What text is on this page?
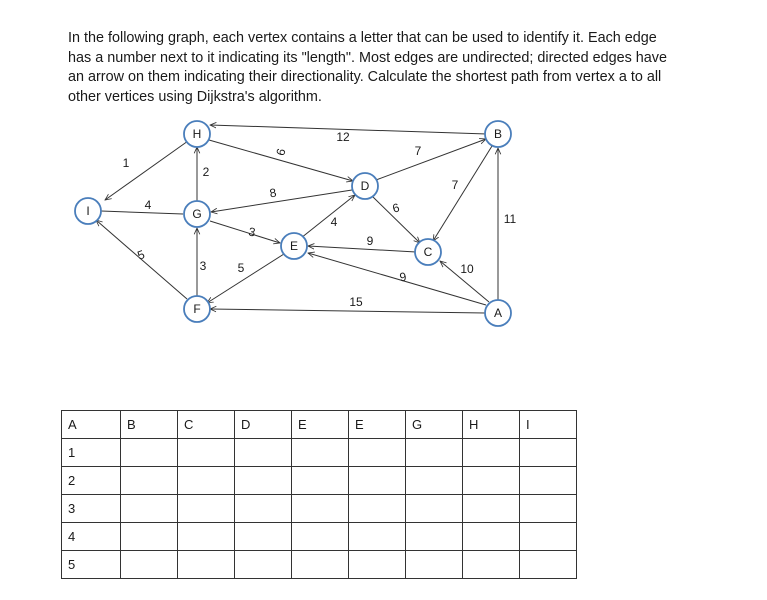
In the following graph, each vertex contains a letter that can be used to identify it. Each edge
has a number next to it indicating its "length". Most edges are undirected; directed edges have
an arrow on them indicating their directionality. Calculate the shortest path from vertex a to all
other vertices using Dijkstra's algorithm.
12
1
2
6	7
7
11
4
5
8
3
3
4
6
9
5
9
10
15
H	B
D
I	G
E	C
F	A
A	B	C	D	E	E	G	H	I
1								
2								
3								
4								
5								
